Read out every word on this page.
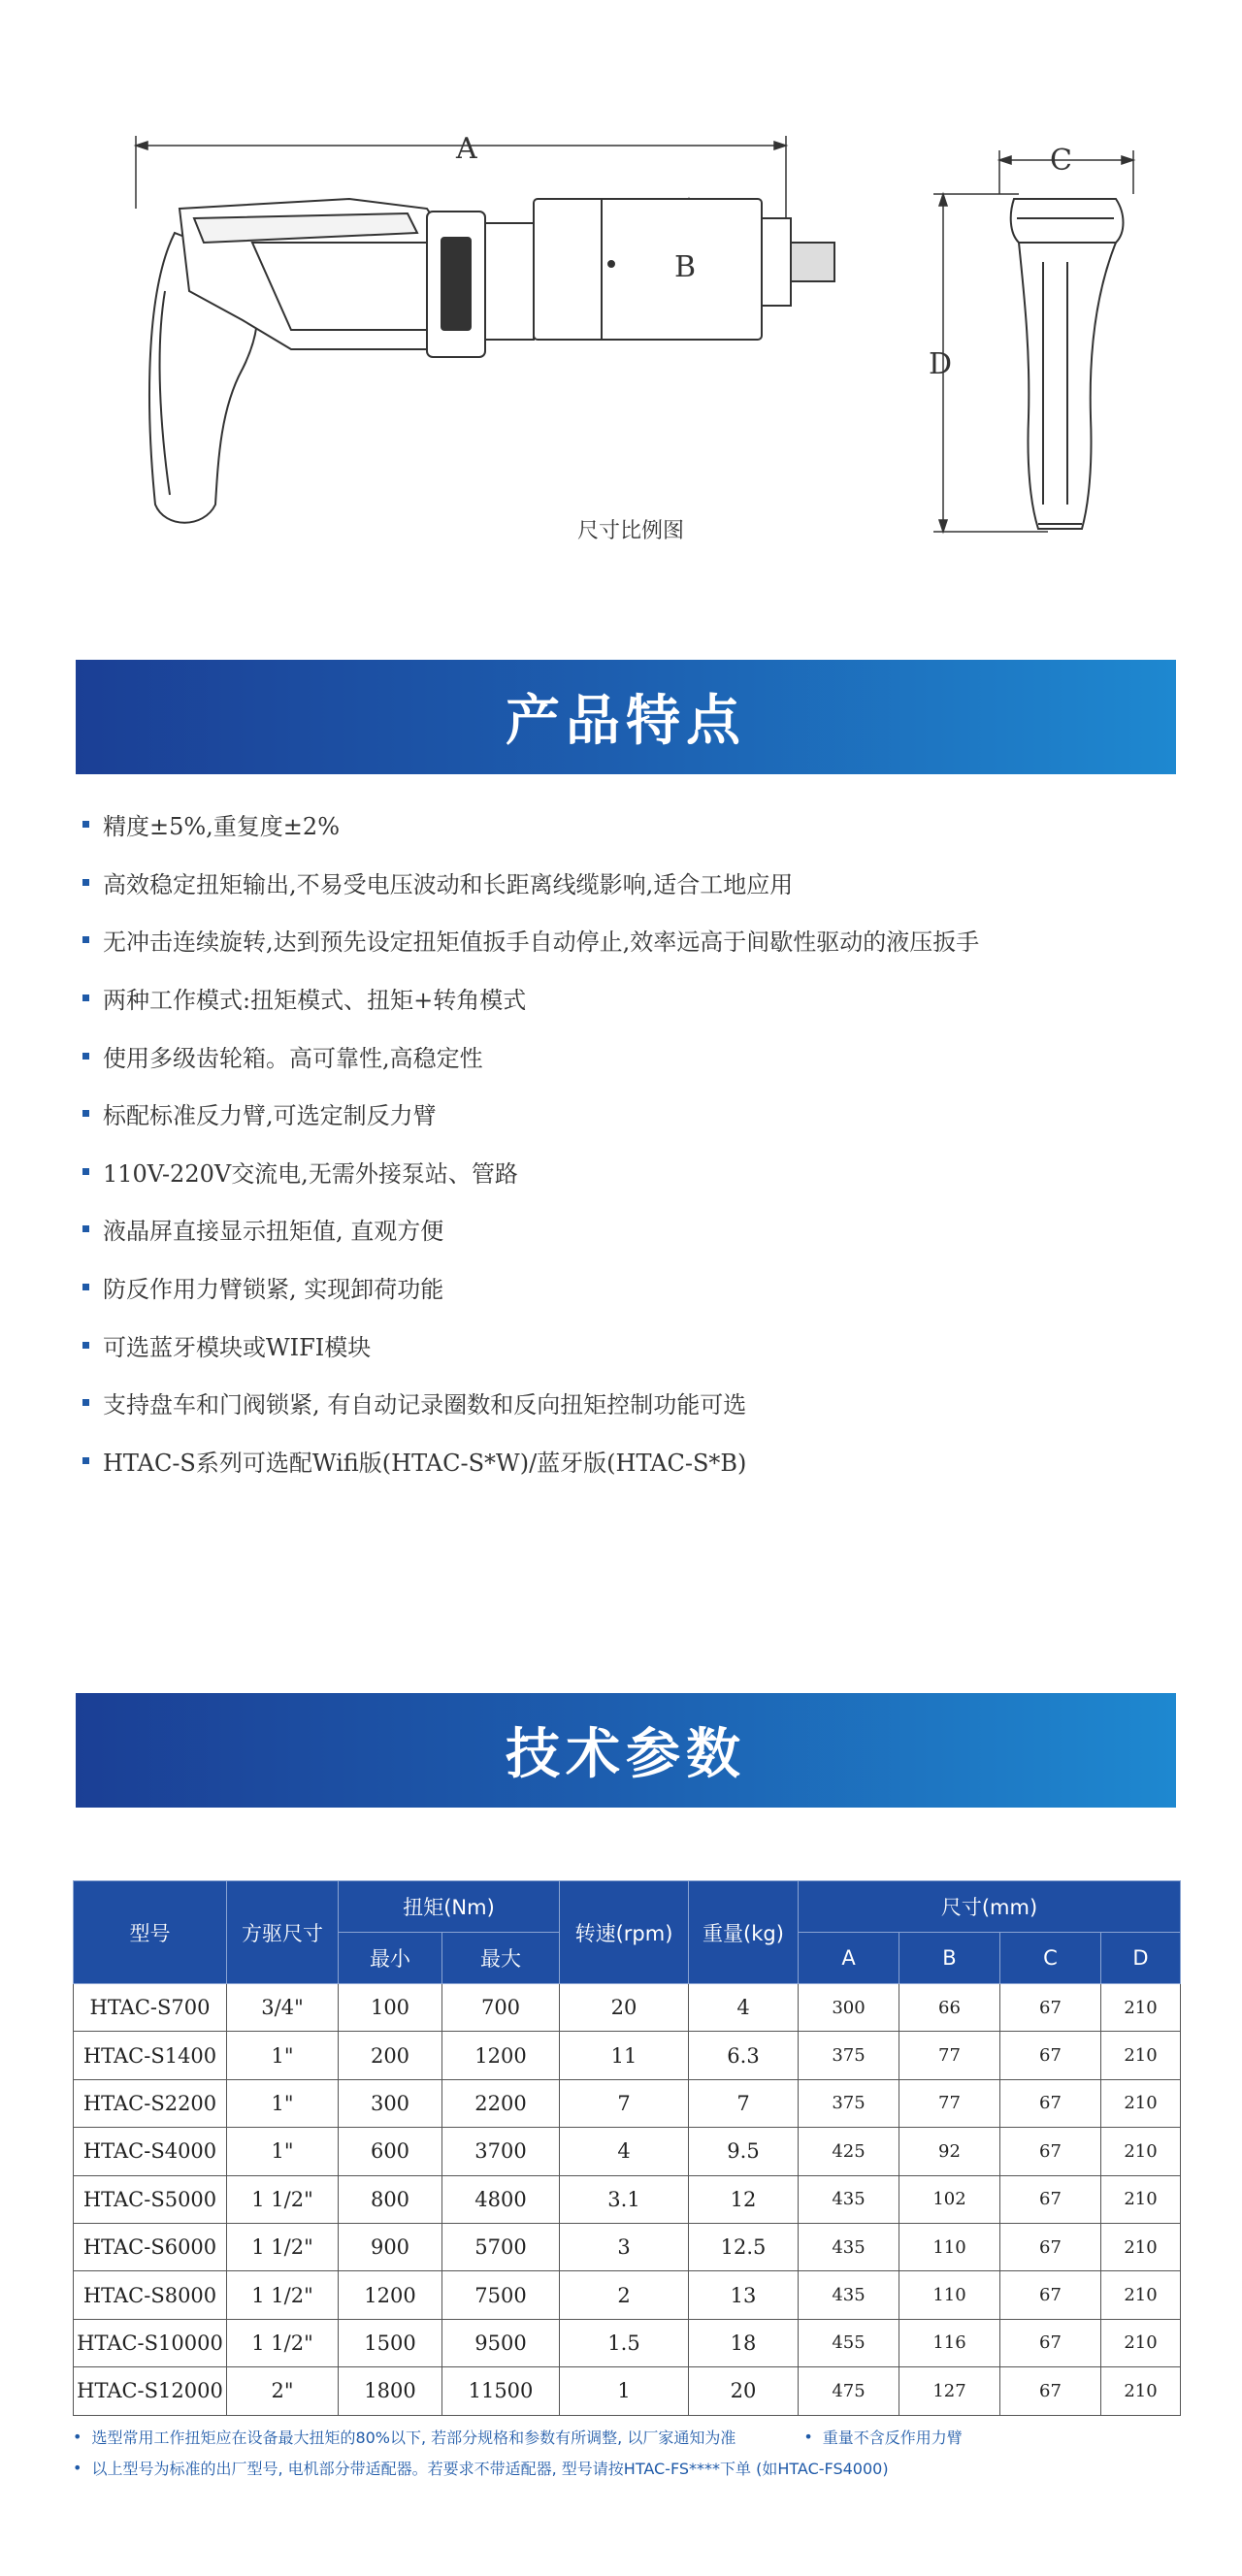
A
B
C
D
尺寸比例图
产品特点
精度±5%,重复度±2%
高效稳定扭矩输出,不易受电压波动和长距离线缆影响,适合工地应用
无冲击连续旋转,达到预先设定扭矩值扳手自动停止,效率远高于间歇性驱动的液压扳手
两种工作模式:扭矩模式、扭矩+转角模式
使用多级齿轮箱。高可靠性,高稳定性
标配标准反力臂,可选定制反力臂
110V-220V交流电,无需外接泵站、管路
液晶屏直接显示扭矩值, 直观方便
防反作用力臂锁紧, 实现卸荷功能
可选蓝牙模块或WIFI模块
支持盘车和门阀锁紧, 有自动记录圈数和反向扭矩控制功能可选
HTAC-S系列可选配Wifi版(HTAC-S*W)/蓝牙版(HTAC-S*B)
技术参数
型号	方驱尺寸	扭矩(Nm)		转速(rpm)	重量(kg)	尺寸(mm)			
		最小	最大			A	B	C	D
HTAC-S700	3/4"	100	700	20	4	300	66	67	210
HTAC-S1400	1"	200	1200	11	6.3	375	77	67	210
HTAC-S2200	1"	300	2200	7	7	375	77	67	210
HTAC-S4000	1"	600	3700	4	9.5	425	92	67	210
HTAC-S5000	1 1/2"	800	4800	3.1	12	435	102	67	210
HTAC-S6000	1 1/2"	900	5700	3	12.5	435	110	67	210
HTAC-S8000	1 1/2"	1200	7500	2	13	435	110	67	210
HTAC-S10000	1 1/2"	1500	9500	1.5	18	455	116	67	210
HTAC-S12000	2"	1800	11500	1	20	475	127	67	210
• 选型常用工作扭矩应在设备最大扭矩的80%以下, 若部分规格和参数有所调整, 以厂家通知为准	• 重量不含反作用力臂
• 以上型号为标准的出厂型号, 电机部分带适配器。若要求不带适配器, 型号请按HTAC-FS****下单 (如HTAC-FS4000)
